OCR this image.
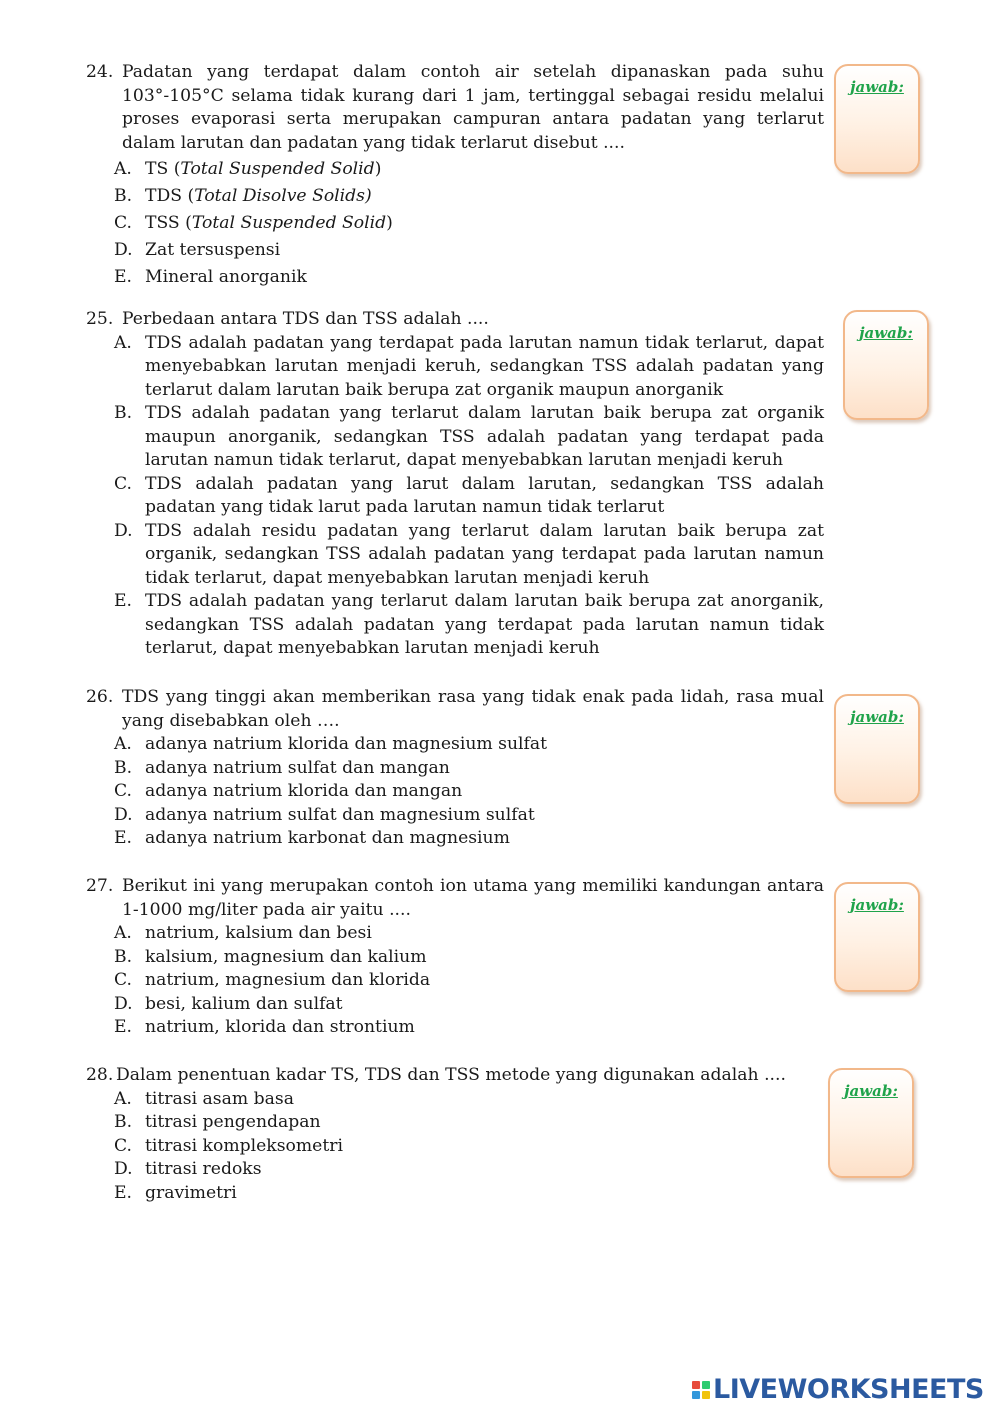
24. Padatan yang terdapat dalam contoh air setelah dipanaskan pada suhu 103°-105°C selama tidak kurang dari 1 jam, tertinggal sebagai residu melalui proses evaporasi serta merupakan campuran antara padatan yang terlarut dalam larutan dan padatan yang tidak terlarut disebut ....
A. TS (Total Suspended Solid)
B. TDS (Total Disolve Solids)
C. TSS (Total Suspended Solid)
D. Zat tersuspensi
E. Mineral anorganik
jawab:
25. Perbedaan antara TDS dan TSS adalah ....
A. TDS adalah padatan yang terdapat pada larutan namun tidak terlarut, dapat menyebabkan larutan menjadi keruh, sedangkan TSS adalah padatan yang terlarut dalam larutan baik berupa zat organik maupun anorganik
B. TDS adalah padatan yang terlarut dalam larutan baik berupa zat organik maupun anorganik, sedangkan TSS adalah padatan yang terdapat pada larutan namun tidak terlarut, dapat menyebabkan larutan menjadi keruh
C. TDS adalah padatan yang larut dalam larutan, sedangkan TSS adalah padatan yang tidak larut pada larutan namun tidak terlarut
D. TDS adalah residu padatan yang terlarut dalam larutan baik berupa zat organik, sedangkan TSS adalah padatan yang terdapat pada larutan namun tidak terlarut, dapat menyebabkan larutan menjadi keruh
E. TDS adalah padatan yang terlarut dalam larutan baik berupa zat anorganik, sedangkan TSS adalah padatan yang terdapat pada larutan namun tidak terlarut, dapat menyebabkan larutan menjadi keruh
jawab:
26. TDS yang tinggi akan memberikan rasa yang tidak enak pada lidah, rasa mual yang disebabkan oleh ….
A. adanya natrium klorida dan magnesium sulfat
B. adanya natrium sulfat dan mangan
C. adanya natrium klorida dan mangan
D. adanya natrium sulfat dan magnesium sulfat
E. adanya natrium karbonat dan magnesium
jawab:
27. Berikut ini yang merupakan contoh ion utama yang memiliki kandungan antara 1-1000 mg/liter pada air yaitu ....
A. natrium, kalsium dan besi
B. kalsium, magnesium dan kalium
C. natrium, magnesium dan klorida
D. besi, kalium dan sulfat
E. natrium, klorida dan strontium
jawab:
28. Dalam penentuan kadar TS, TDS dan TSS metode yang digunakan adalah ....
A. titrasi asam basa
B. titrasi pengendapan
C. titrasi kompleksometri
D. titrasi redoks
E. gravimetri
jawab:
LIVEWORKSHEETS
